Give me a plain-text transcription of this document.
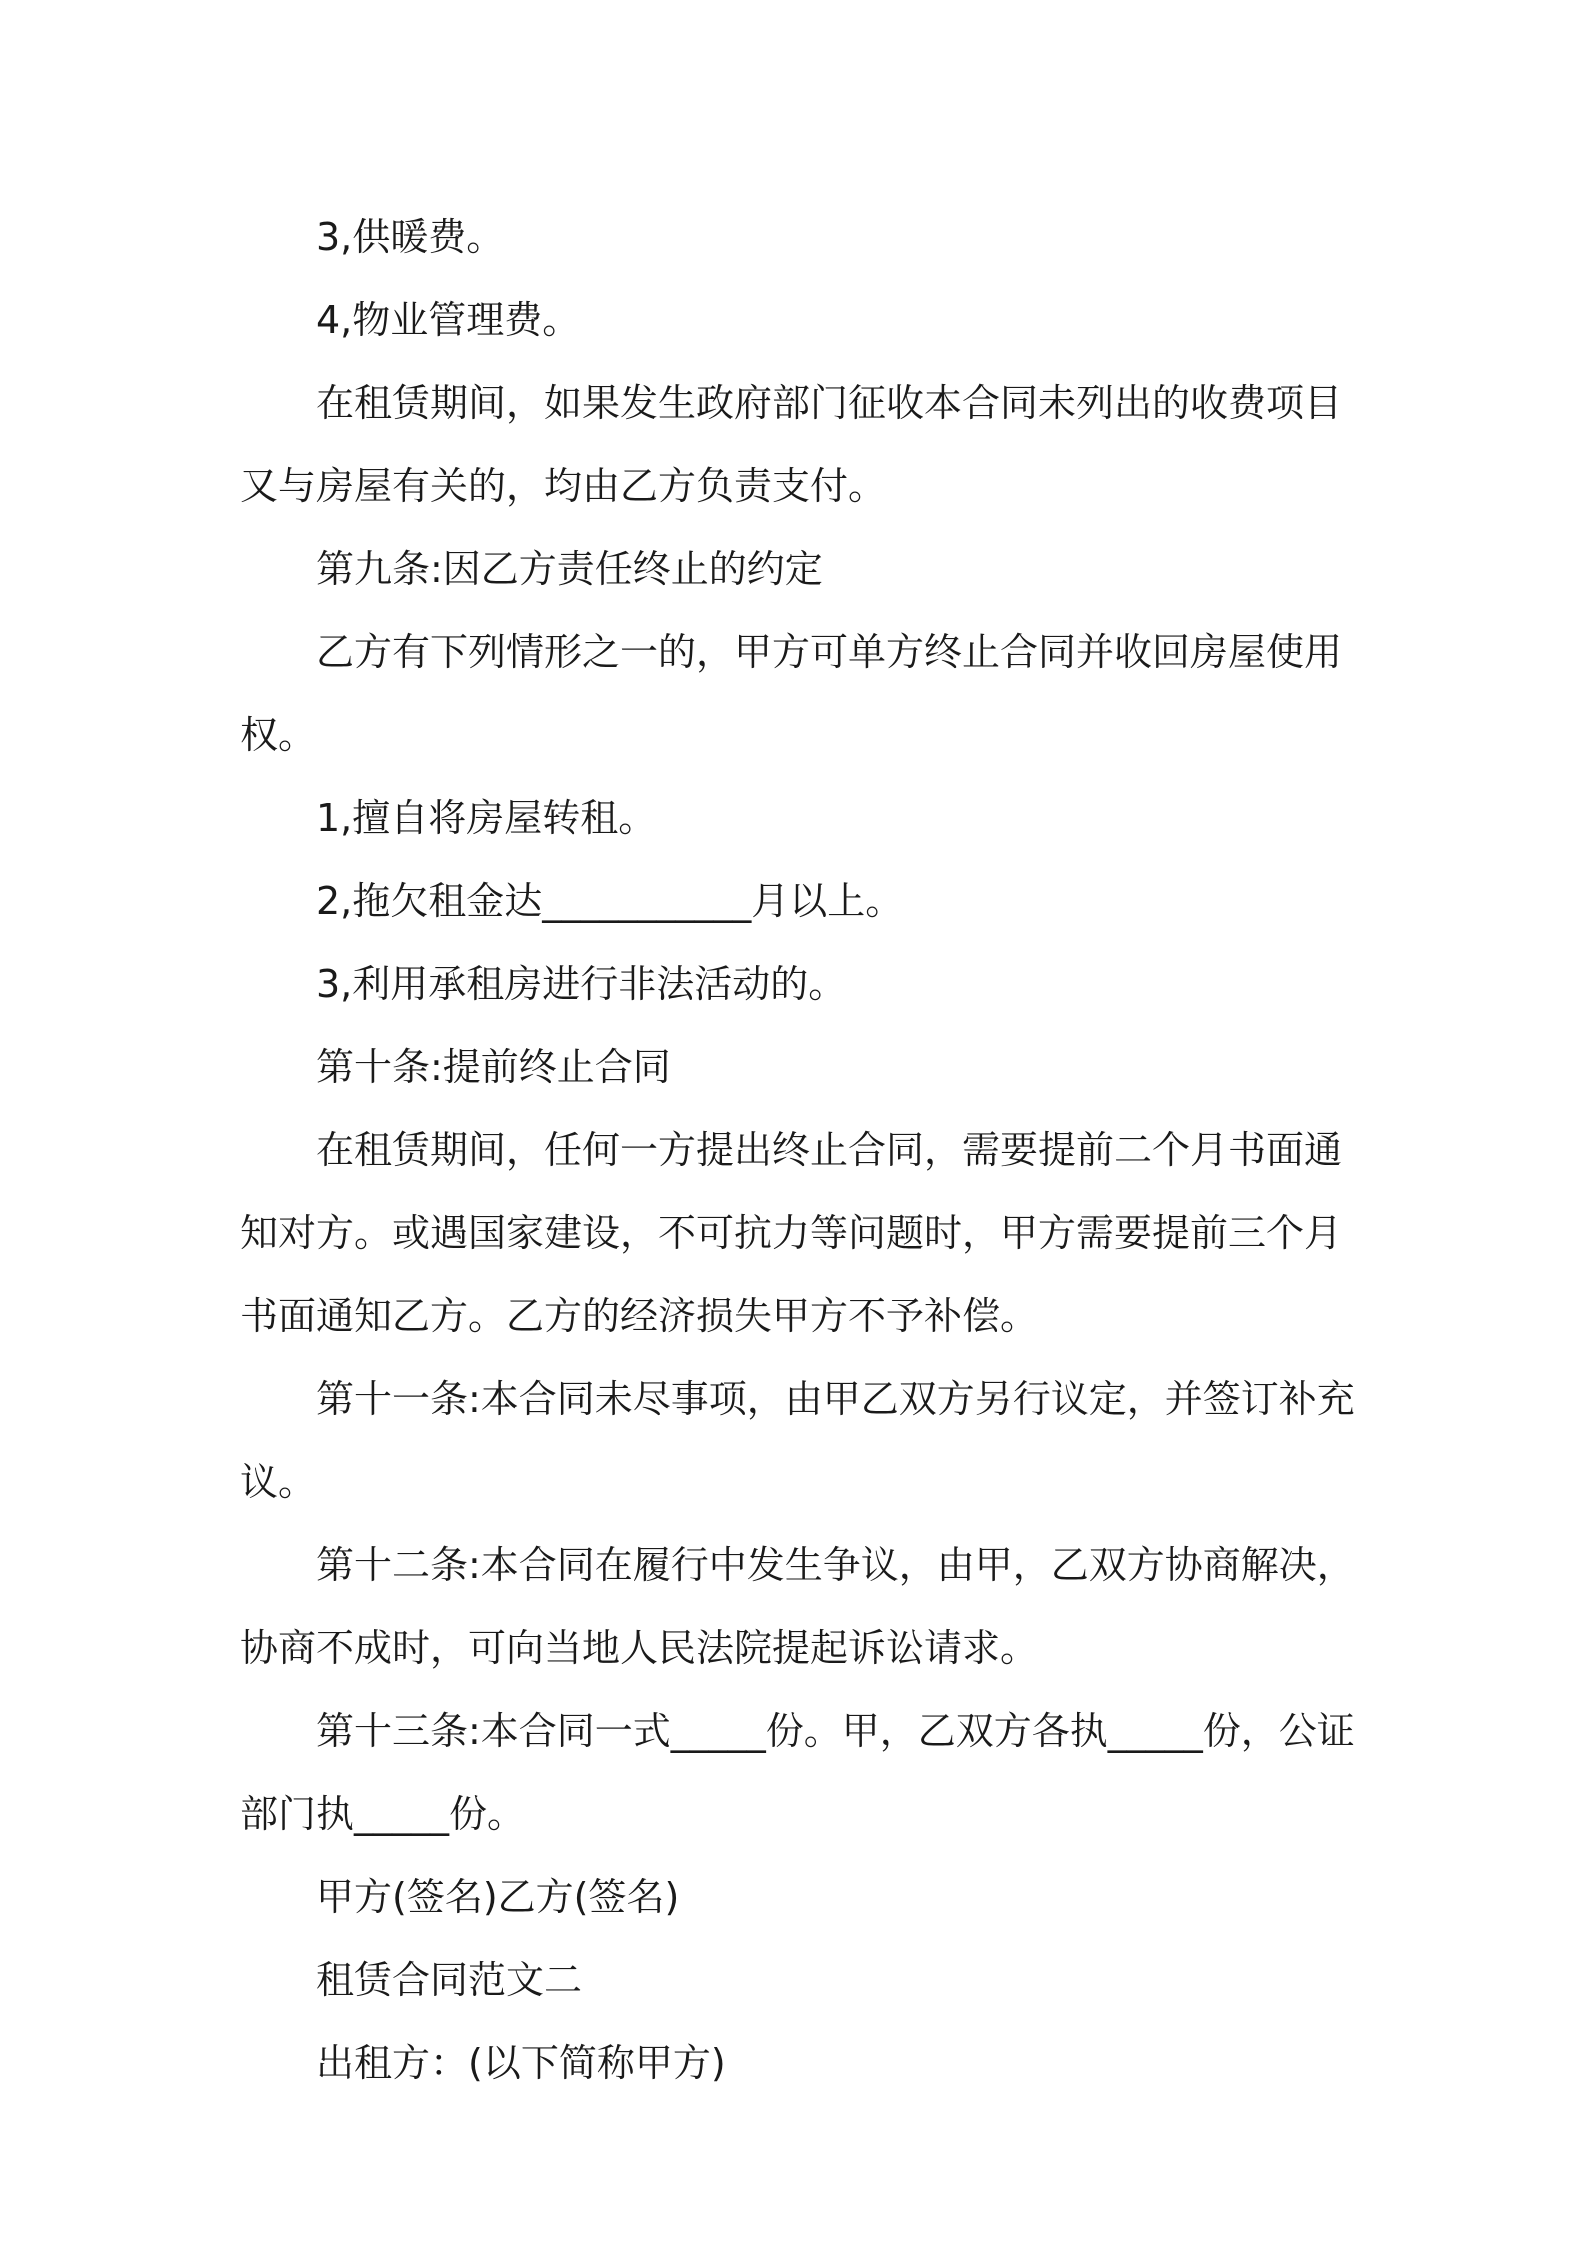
3,供暖费。

4,物业管理费。

在租赁期间，如果发生政府部门征收本合同未列出的收费项目又与房屋有关的，均由乙方负责支付。

第九条:因乙方责任终止的约定

乙方有下列情形之一的，甲方可单方终止合同并收回房屋使用权。

1,擅自将房屋转租。

2,拖欠租金达___________月以上。

3,利用承租房进行非法活动的。

第十条:提前终止合同

在租赁期间，任何一方提出终止合同，需要提前二个月书面通知对方。或遇国家建设，不可抗力等问题时，甲方需要提前三个月书面通知乙方。乙方的经济损失甲方不予补偿。

第十一条:本合同未尽事项，由甲乙双方另行议定，并签订补充议。

第十二条:本合同在履行中发生争议，由甲，乙双方协商解决，协商不成时，可向当地人民法院提起诉讼请求。

第十三条:本合同一式_____份。甲，乙双方各执_____份，公证部门执_____份。

甲方(签名)乙方(签名)

租赁合同范文二

出租方：(以下简称甲方)
